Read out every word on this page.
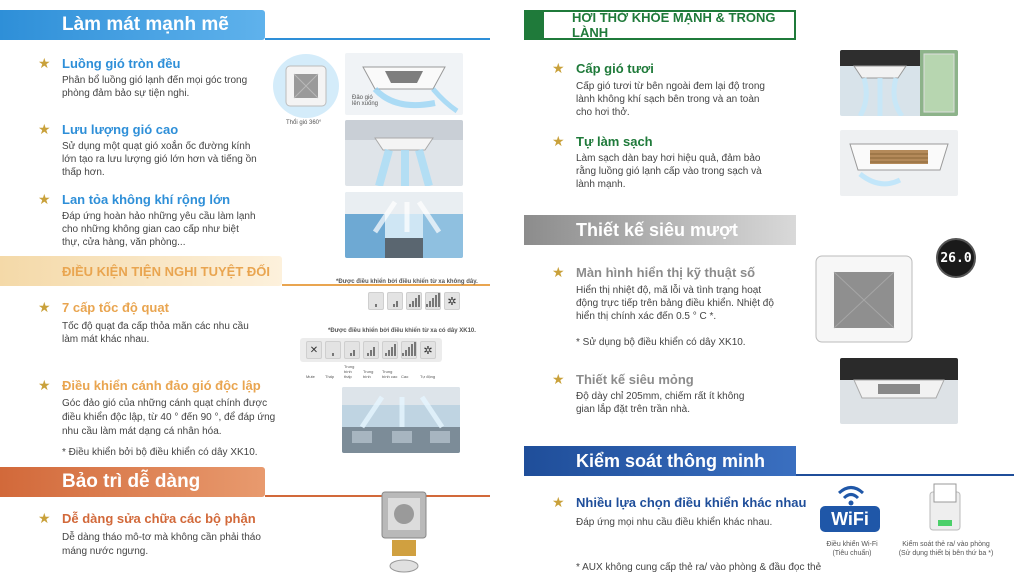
Làm mát mạnh mẽ
★ Luồng gió tròn đều
Phân bổ luồng gió lạnh đến mọi góc trong phòng đảm bảo sự tiện nghi.
★ Lưu lượng gió cao
Sử dụng một quạt gió xoắn ốc đường kính lớn tạo ra lưu lượng gió lớn hơn và tiếng ồn thấp hơn.
★ Lan tỏa không khí rộng lớn
Đáp ứng hoàn hảo những yêu cầu làm lạnh cho những không gian cao cấp như biệt thự, cửa hàng, văn phòng...
Thổi gió 360°
Đảo gió lên xuống
ĐIỀU KIỆN TIỆN NGHI TUYỆT ĐỐI
★ 7 cấp tốc độ quạt
Tốc độ quạt đa cấp thỏa mãn các nhu cầu làm mát khác nhau.
★ Điều khiển cánh đảo gió độc lập
Góc đảo gió của những cánh quạt chính được điều khiển độc lập, từ 40 ° đến 90 °, để đáp ứng nhu cầu làm mát dạng cá nhân hóa.
* Điều khiển bởi bộ điều khiển có dây XK10.
*Được điều khiển bởi điều khiển từ xa không dây.
✲
*Được điều khiển bởi điều khiển từ xa có dây XK10.
✕	✲
Mute	Thấp
Trung bình thấp
Trung bình
Trung bình cao Cao	Tự động
Bảo trì dễ dàng
★ Dễ dàng sửa chữa các bộ phận
Dễ dàng tháo mô-tơ mà không cần phải tháo máng nước ngưng.
HƠI THỞ KHỎE MẠNH & TRONG LÀNH
★ Cấp gió tươi
Cấp gió tươi từ bên ngoài đem lại độ trong lành không khí sạch bên trong và an toàn cho hơi thở.
★ Tự làm sạch
Làm sạch dàn bay hơi hiệu quả, đảm bảo rằng luồng gió lạnh cấp vào trong sạch và lành mạnh.
Thiết kế siêu mượt
★ Màn hình hiển thị kỹ thuật số
Hiển thị nhiệt độ, mã lỗi và tình trạng hoạt động trực tiếp trên bảng điều khiển. Nhiệt độ hiển thị chính xác đến 0.5 ° C *.
* Sử dụng bộ điều khiển có dây XK10.
★ Thiết kế siêu mỏng
Độ dày chỉ 205mm, chiếm rất ít không gian lắp đặt trên trần nhà.
26.0
Kiểm soát thông minh
★ Nhiều lựa chọn điều khiển khác nhau
Đáp ứng mọi nhu cầu điều khiển khác nhau.
* AUX không cung cấp thẻ ra/ vào phòng & đầu đọc thẻ
WiFi
Điều khiển Wi-Fi
(Tiêu chuẩn)
Kiểm soát thẻ ra/ vào phòng
(Sử dụng thiết bị bên thứ ba *)
